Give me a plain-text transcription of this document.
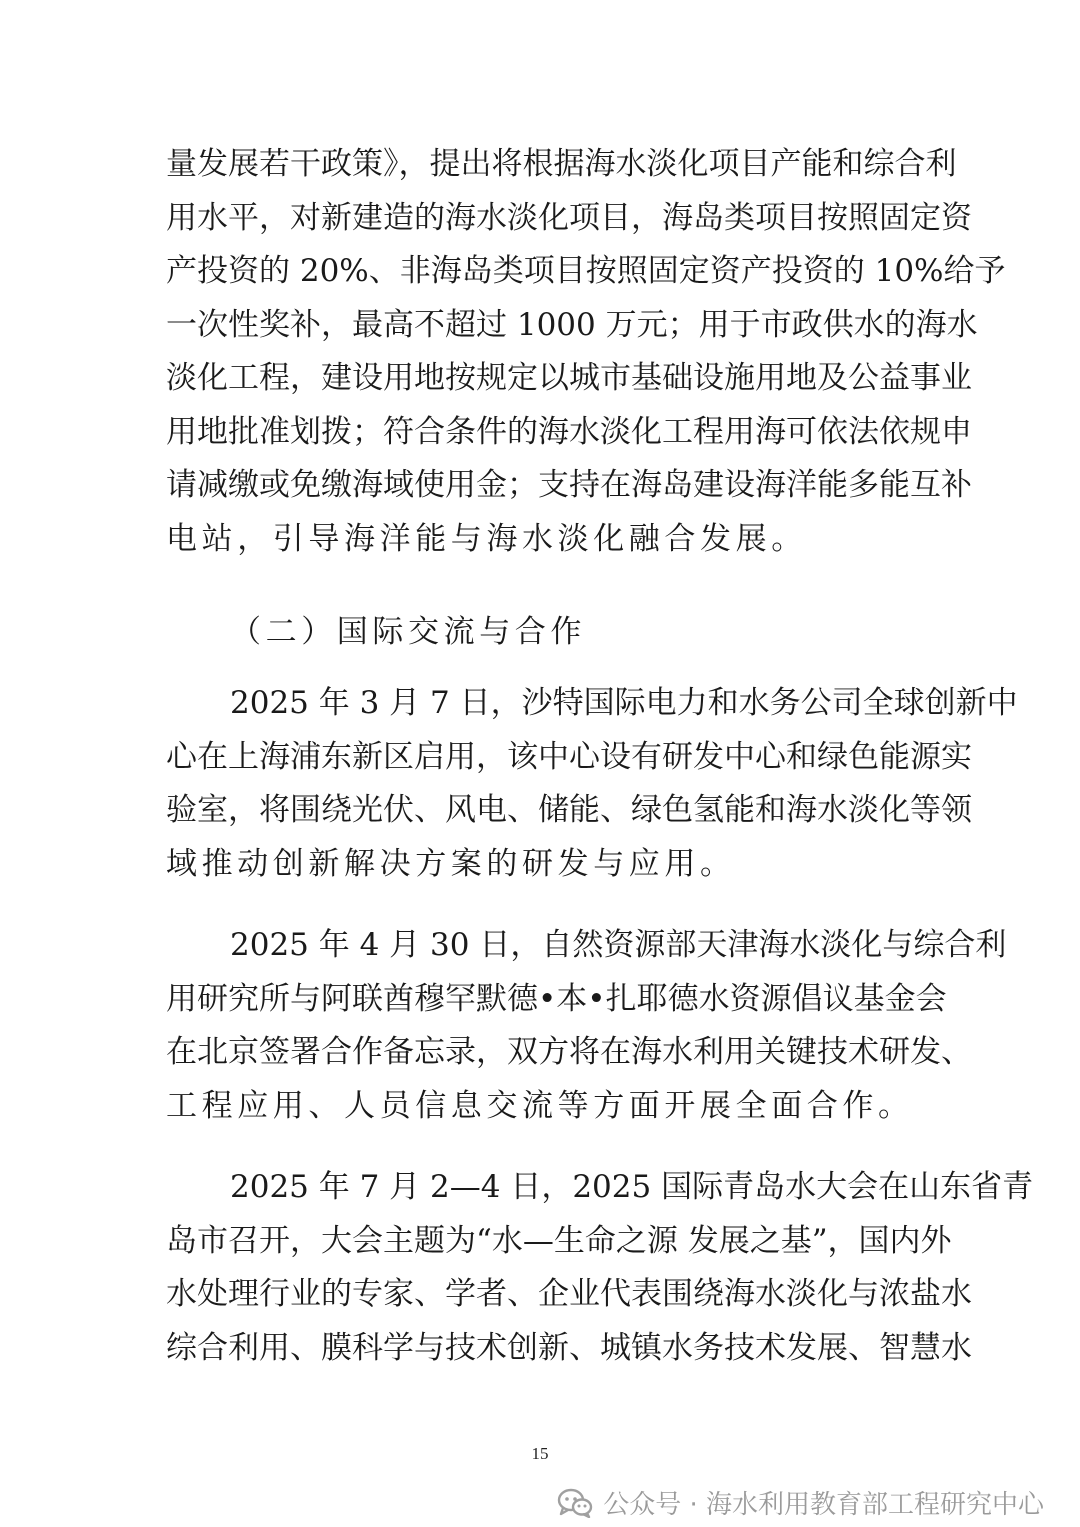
量发展若干政策》，提出将根据海水淡化项目产能和综合利
用水平，对新建造的海水淡化项目，海岛类项目按照固定资
产投资的 20%、非海岛类项目按照固定资产投资的 10%给予
一次性奖补，最高不超过 1000 万元；用于市政供水的海水
淡化工程，建设用地按规定以城市基础设施用地及公益事业
用地批准划拨；符合条件的海水淡化工程用海可依法依规申
请减缴或免缴海域使用金；支持在海岛建设海洋能多能互补
电站，引导海洋能与海水淡化融合发展。
（二）国际交流与合作
2025 年 3 月 7 日，沙特国际电力和水务公司全球创新中
心在上海浦东新区启用，该中心设有研发中心和绿色能源实
验室，将围绕光伏、风电、储能、绿色氢能和海水淡化等领
域推动创新解决方案的研发与应用。
2025 年 4 月 30 日，自然资源部天津海水淡化与综合利
用研究所与阿联酋穆罕默德•本•扎耶德水资源倡议基金会
在北京签署合作备忘录，双方将在海水利用关键技术研发、
工程应用、人员信息交流等方面开展全面合作。
2025 年 7 月 2—4 日，2025 国际青岛水大会在山东省青
岛市召开，大会主题为“水—生命之源 发展之基”，国内外
水处理行业的专家、学者、企业代表围绕海水淡化与浓盐水
综合利用、膜科学与技术创新、城镇水务技术发展、智慧水
15
公众号 · 海水利用教育部工程研究中心
